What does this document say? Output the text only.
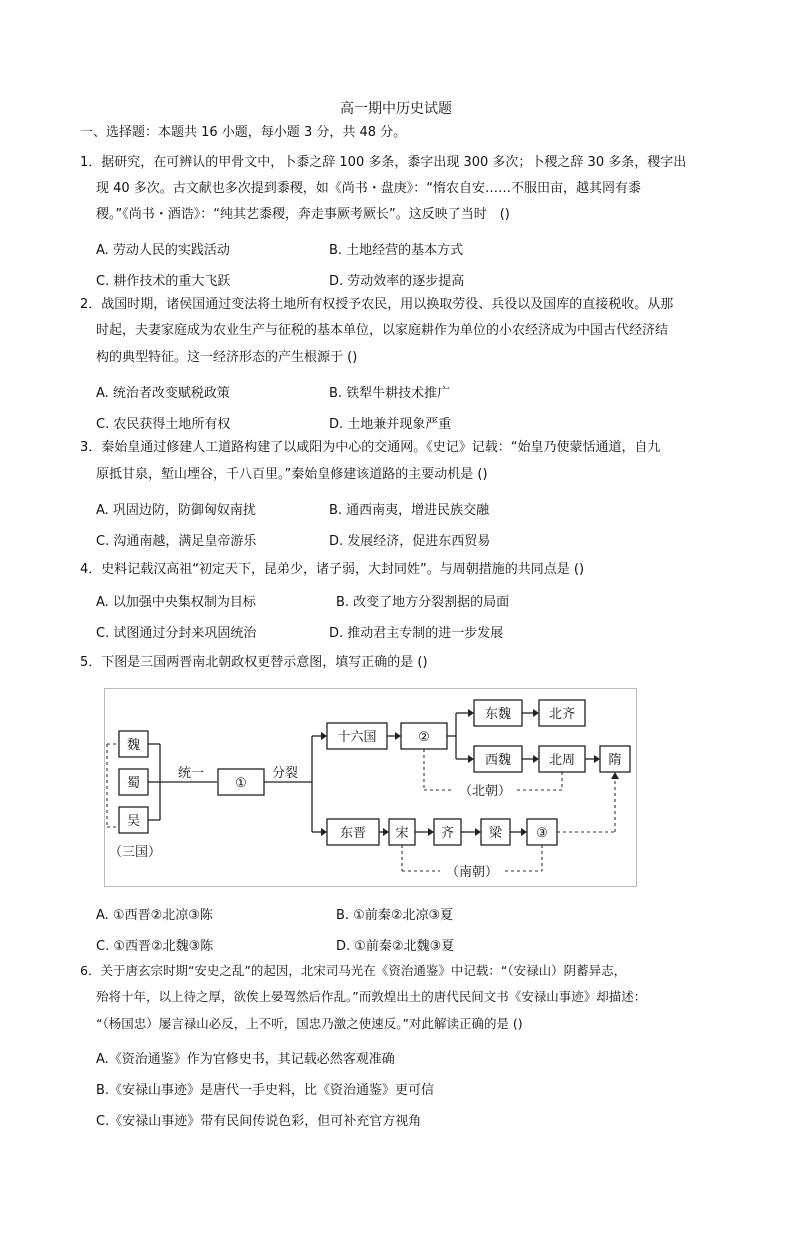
高一期中历史试题
一、选择题：本题共 16 小题，每小题 3 分，共 48 分。
1．据研究，在可辨认的甲骨文中，卜黍之辞 100 多条，黍字出现 300 多次；卜稷之辞 30 多条，稷字出
现 40 多次。古文献也多次提到黍稷，如《尚书・盘庚》：“惰农自安……不服田亩，越其罔有黍
稷。”《尚书・酒诰》：“纯其艺黍稷，奔走事厥考厥长”。这反映了当时　()
A. 劳动人民的实践活动	B. 土地经营的基本方式
C. 耕作技术的重大飞跃	D. 劳动效率的逐步提高
2．战国时期，诸侯国通过变法将土地所有权授予农民，用以换取劳役、兵役以及国库的直接税收。从那
时起，夫妻家庭成为农业生产与征税的基本单位，以家庭耕作为单位的小农经济成为中国古代经济结
构的典型特征。这一经济形态的产生根源于 ()
A. 统治者改变赋税政策	B. 铁犁牛耕技术推广
C. 农民获得土地所有权	D. 土地兼并现象严重
3．秦始皇通过修建人工道路构建了以咸阳为中心的交通网。《史记》记载：“始皇乃使蒙恬通道，自九
原抵甘泉，堑山堙谷，千八百里。”秦始皇修建该道路的主要动机是 ()
A. 巩固边防，防御匈奴南扰	B. 通西南夷，增进民族交融
C. 沟通南越，满足皇帝游乐	D. 发展经济，促进东西贸易
4．史料记载汉高祖“初定天下，昆弟少，诸子弱，大封同姓”。与周朝措施的共同点是 ()
A. 以加强中央集权制为目标	B. 改变了地方分裂割据的局面
C. 试图通过分封来巩固统治	D. 推动君主专制的进一步发展
5．下图是三国两晋南北朝政权更替示意图，填写正确的是 ()
魏
蜀
吴
（三国）
统一
①
分裂
十六国	②
东魏	北齐
西魏	北周	隋
（北朝）
东晋 宋 齐	梁	③
（南朝）
A. ①西晋②北凉③陈	B. ①前秦②北凉③夏
C. ①西晋②北魏③陈	D. ①前秦②北魏③夏
6．关于唐玄宗时期“安史之乱”的起因，北宋司马光在《资治通鉴》中记载：“（安禄山）阴蓄异志，
殆将十年，以上待之厚，欲俟上晏驾然后作乱。”而敦煌出土的唐代民间文书《安禄山事迹》却描述：
“（杨国忠）屡言禄山必反，上不听，国忠乃激之使速反。”对此解读正确的是 ()
A.《资治通鉴》作为官修史书，其记载必然客观准确
B.《安禄山事迹》是唐代一手史料，比《资治通鉴》更可信
C.《安禄山事迹》带有民间传说色彩，但可补充官方视角
